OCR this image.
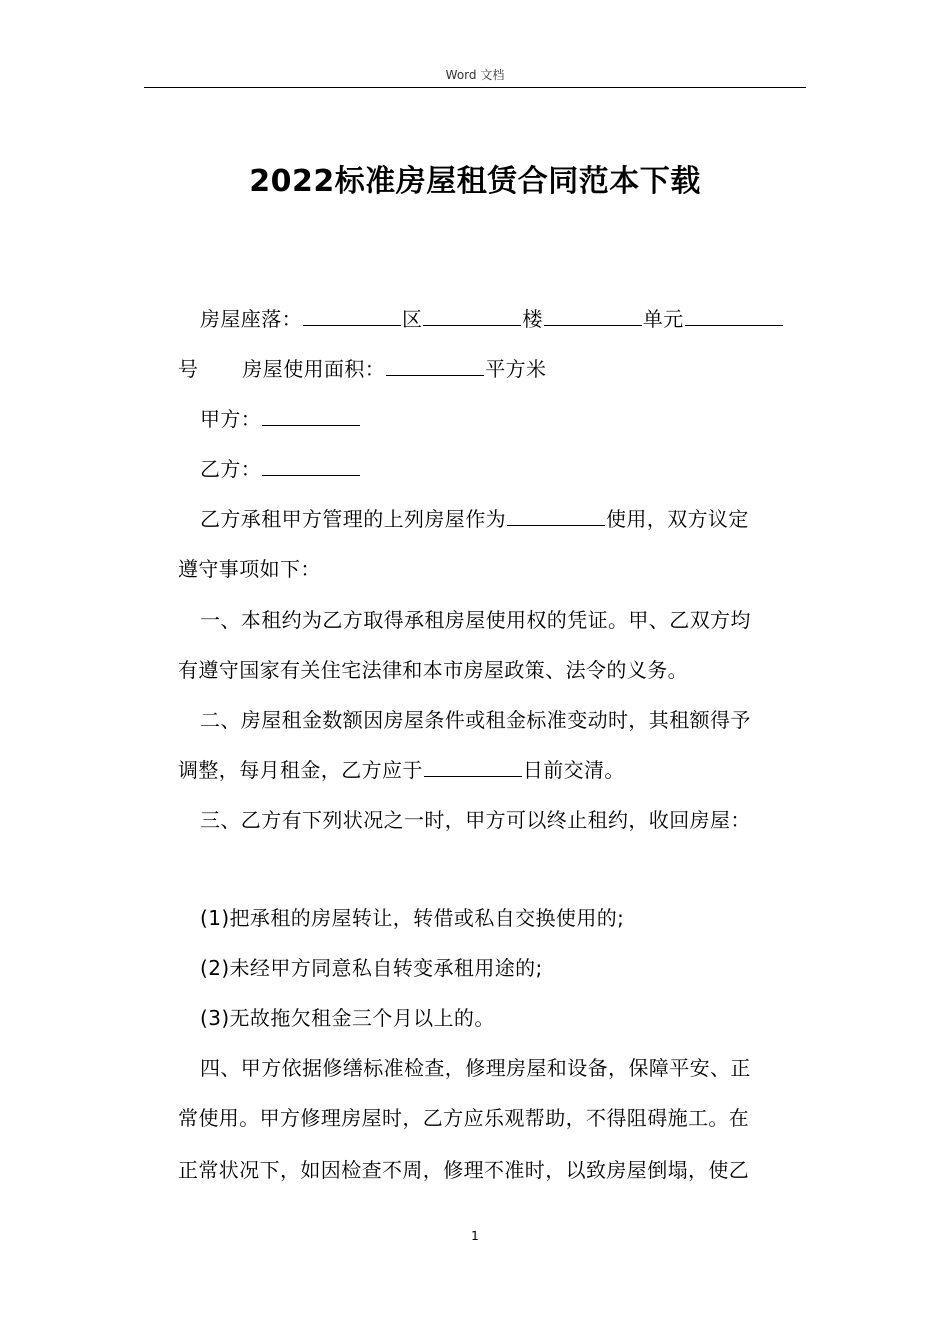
Word 文档
2022标准房屋租赁合同范本下载
房屋座落：	区	楼	单元
号 房屋使用面积：	平方米
甲方：
乙方：
乙方承租甲方管理的上列房屋作为	使用，双方议定
遵守事项如下：
一、本租约为乙方取得承租房屋使用权的凭证。甲、乙双方均
有遵守国家有关住宅法律和本市房屋政策、法令的义务。
二、房屋租金数额因房屋条件或租金标准变动时，其租额得予
调整，每月租金，乙方应于	日前交清。
三、乙方有下列状况之一时，甲方可以终止租约，收回房屋：
(1)把承租的房屋转让，转借或私自交换使用的;
(2)未经甲方同意私自转变承租用途的;
(3)无故拖欠租金三个月以上的。
四、甲方依据修缮标准检查，修理房屋和设备，保障平安、正
常使用。甲方修理房屋时，乙方应乐观帮助，不得阻碍施工。在
正常状况下，如因检查不周，修理不准时，以致房屋倒塌，使乙
1
